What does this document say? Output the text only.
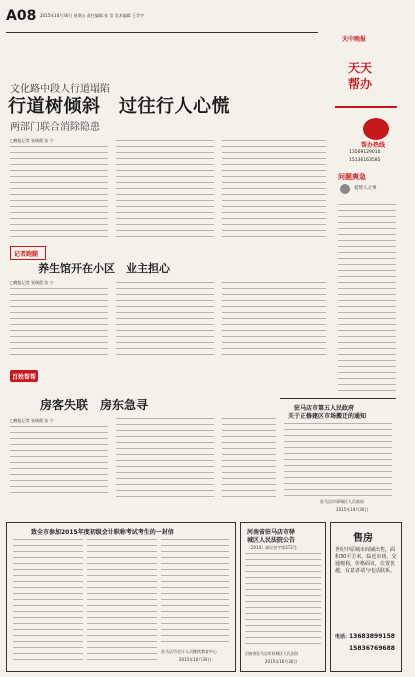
A08 2015年10月30日 星期五 责任编辑 张 浩 美术编辑 王学宇
天中晚报
天天帮办
帮办热线
13569129010
15136163585
问题爽急
爱帮人之事
文化路中段人行道塌陷
行道树倾斜　过往行人心慌
两部门联合消除隐患
□晚报记者 张瑞霞 张 宁
记者跑腿
养生馆开在小区　业主担心
□晚报记者 张瑞霞 张 宁
百姓帮帮
房客失联　房东急寻
□晚报记者 张瑞霞 张 宁
驻马店市第五人民政府
关于正修建区市场搬迁的通知
驻马店市驿城区人民政府
2015年10月30日
致全市参加2015年度初级会计职称考试考生的一封信
驻马店市会计人员继续教育中心
2015年10月30日
河南省驻马店市驿
城区人民法院公告
（2014）驿民初字第372号
河南省驻马店市驿城区人民法院
2015年10月30日
售房
世纪中原城市商铺出售，面积30平方米，临近市场，交通便利，价格面议，位置优越，有意者请与电话联系。
电话：
13683899158
15836769688
